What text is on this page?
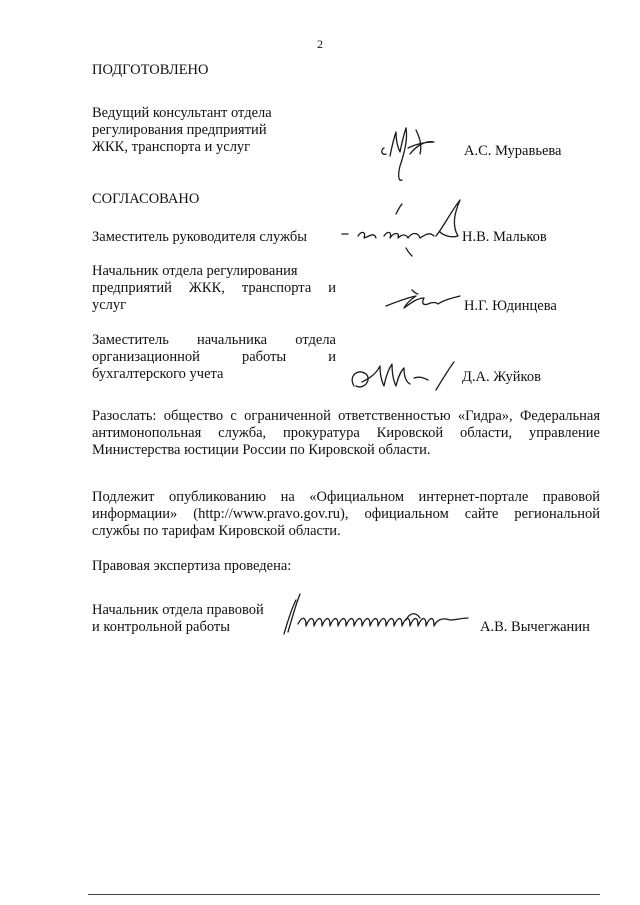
2
ПОДГОТОВЛЕНО
Ведущий консультант отдела
регулирования предприятий
ЖКК, транспорта и услуг	А.С. Муравьева
СОГЛАСОВАНО
Заместитель руководителя службы	Н.В. Мальков
Начальник отдела регулирования
предприятий ЖКК, транспорта и
услуг	Н.Г. Юдинцева
Заместитель начальника отдела
организационной работы и
бухгалтерского учета	Д.А. Жуйков
Разослать: общество с ограниченной ответственностью «Гидра», Федеральная антимонопольная служба, прокуратура Кировской области, управление Министерства юстиции России по Кировской области.
Подлежит опубликованию на «Официальном интернет-портале правовой информации» (http://www.pravo.gov.ru), официальном сайте региональной службы по тарифам Кировской области.
Правовая экспертиза проведена:
Начальник отдела правовой
и контрольной работы	А.В. Вычегжанин
